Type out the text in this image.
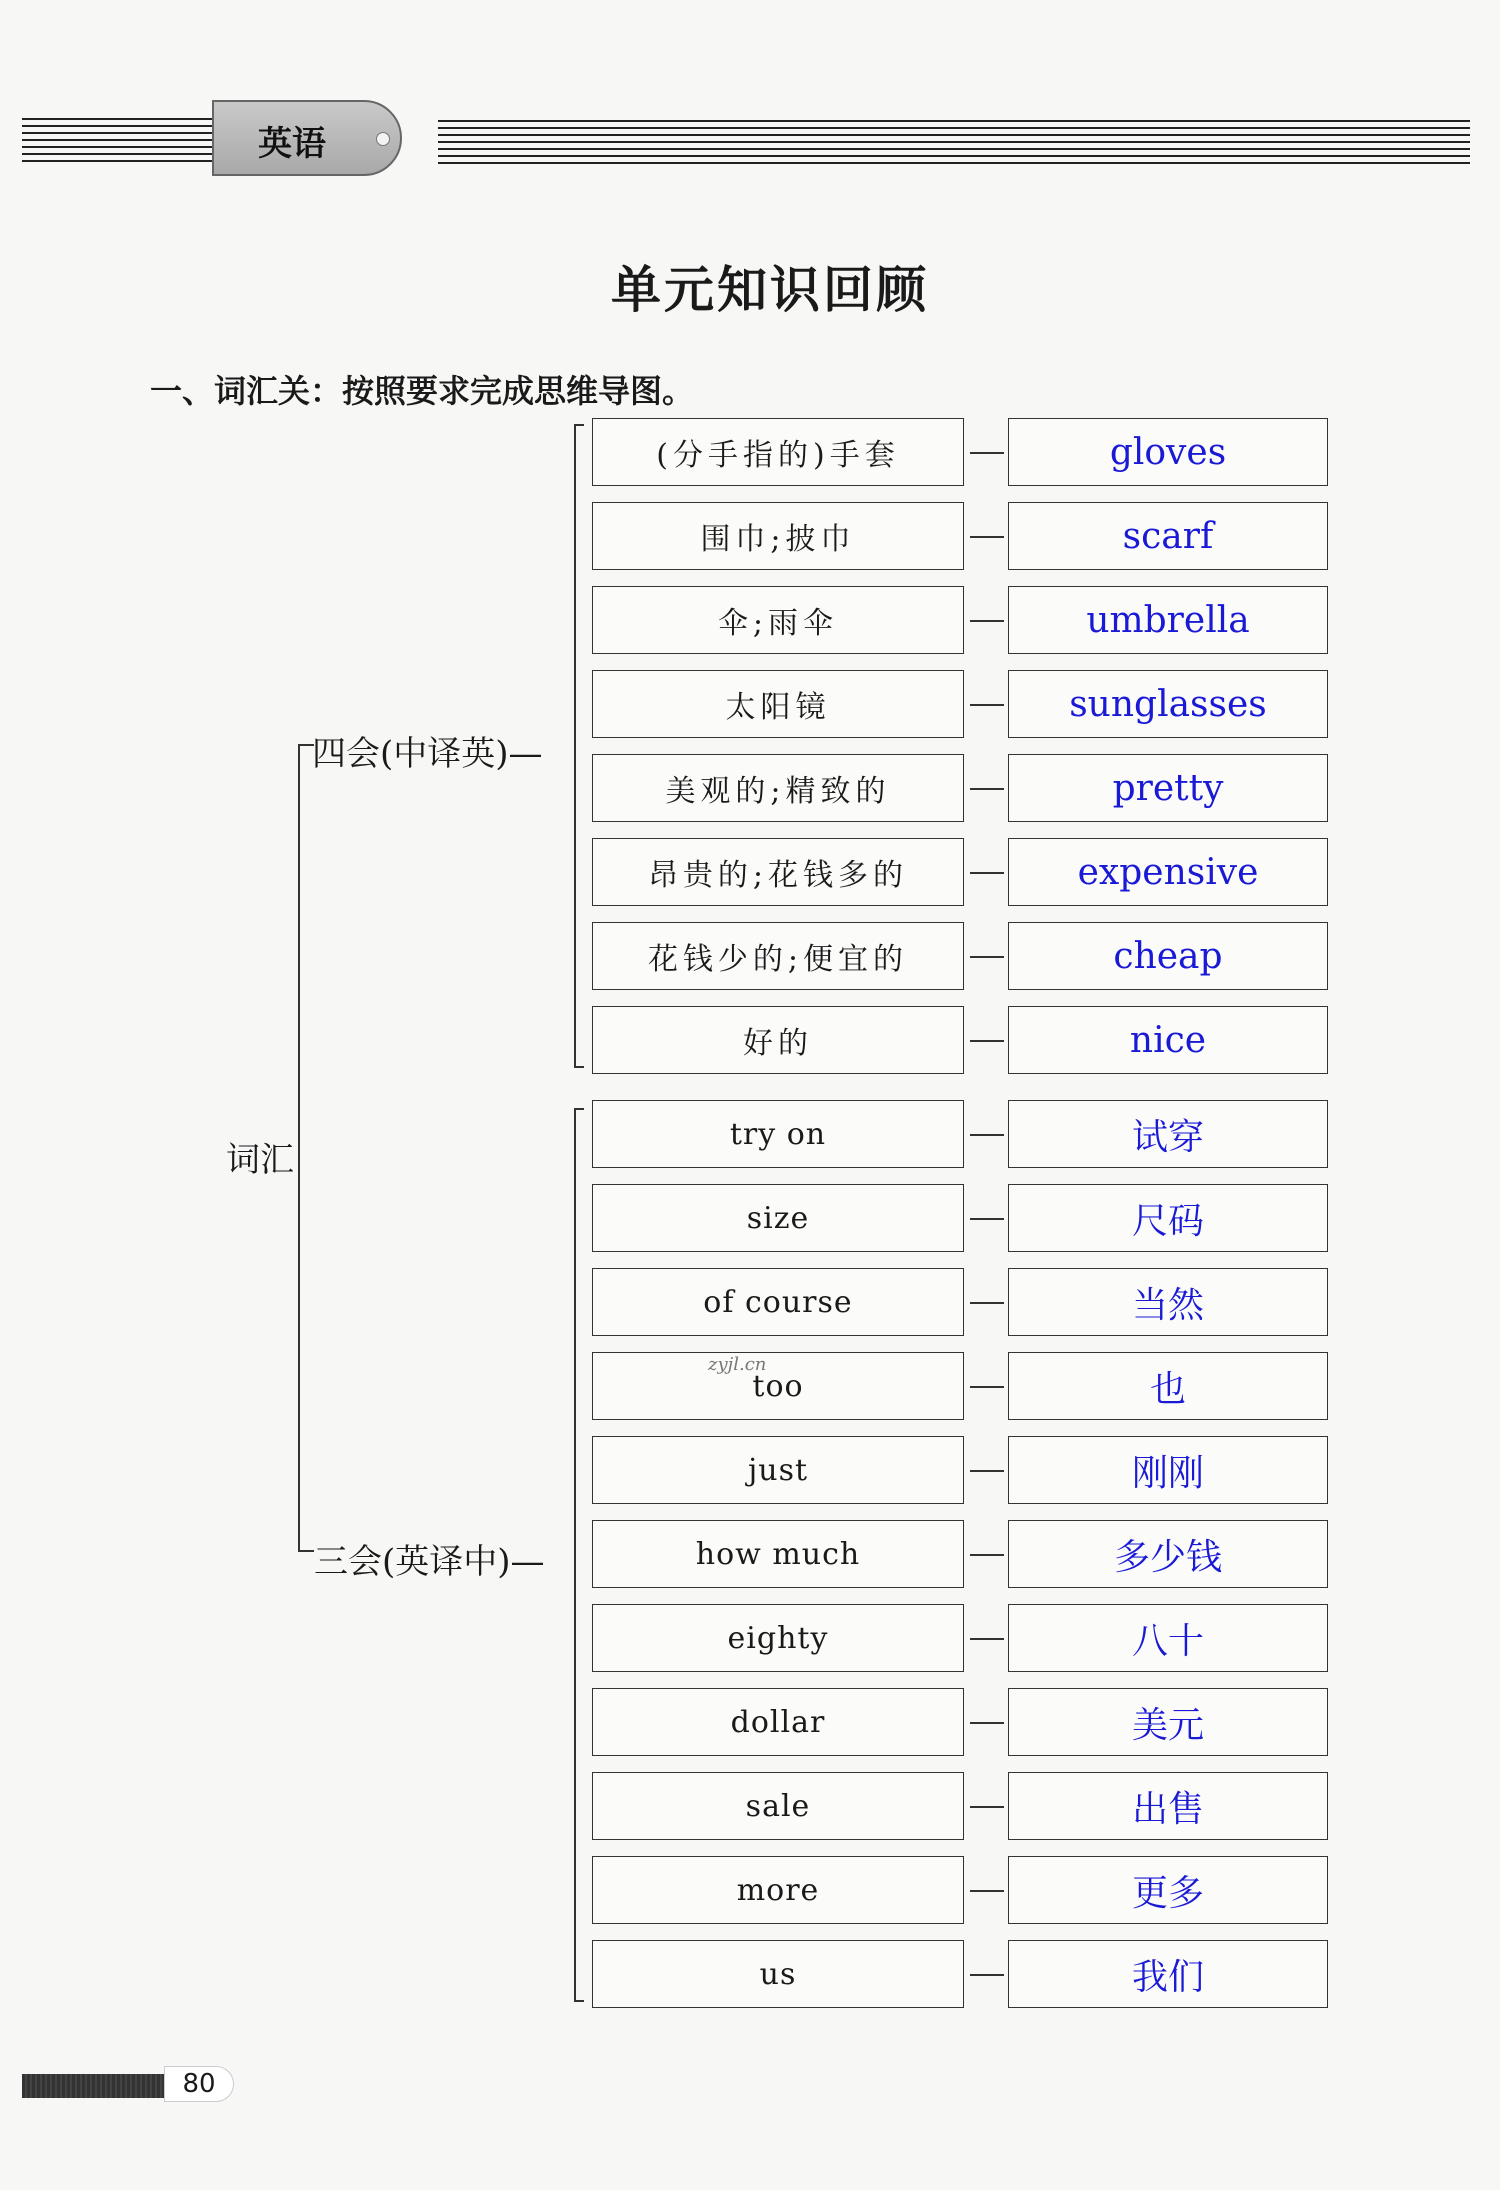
英语
单元知识回顾
一、词汇关：按照要求完成思维导图。
词汇
四会(中译英)—
三会(英译中)—
(分手指的)手套	gloves
围巾;披巾	scarf
伞;雨伞	umbrella
太阳镜	sunglasses
美观的;精致的	pretty
昂贵的;花钱多的	expensive
花钱少的;便宜的	cheap
好的	nice
try on	试穿
size	尺码
of course	当然
too	也
just	刚刚
how much	多少钱
eighty	八十
dollar	美元
sale	出售
more	更多
us	我们
zyjl.cn
80
